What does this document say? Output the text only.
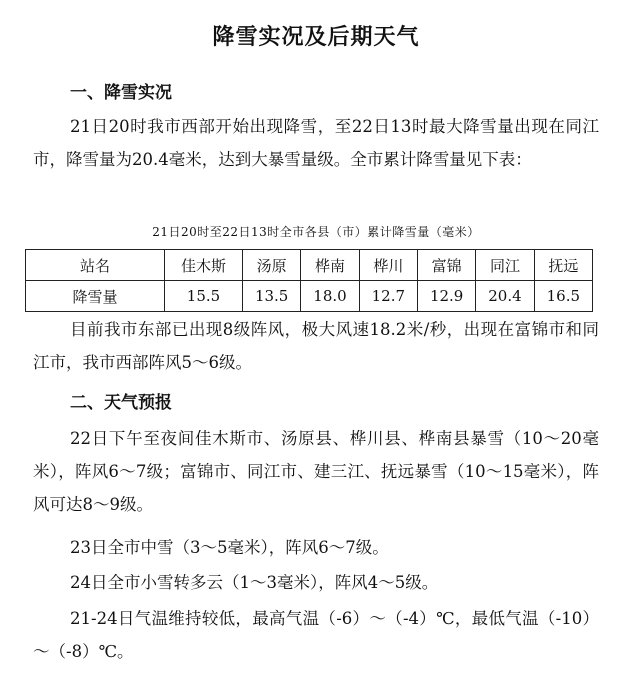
降雪实况及后期天气
一、降雪实况
21日20时我市西部开始出现降雪，至22日13时最大降雪量出现在同江市，降雪量为20.4毫米，达到大暴雪量级。全市累计降雪量见下表：
21日20时至22日13时全市各县（市）累计降雪量（毫米）
站名	佳木斯	汤原	桦南	桦川	富锦	同江	抚远
降雪量	15.5	13.5	18.0	12.7	12.9	20.4	16.5
目前我市东部已出现8级阵风，极大风速18.2米/秒，出现在富锦市和同江市，我市西部阵风5～6级。
二、天气预报
22日下午至夜间佳木斯市、汤原县、桦川县、桦南县暴雪（10～20毫米），阵风6～7级；富锦市、同江市、建三江、抚远暴雪（10～15毫米），阵风可达8～9级。
23日全市中雪（3～5毫米），阵风6～7级。
24日全市小雪转多云（1～3毫米），阵风4～5级。
21-24日气温维持较低，最高气温（-6）～（-4）℃，最低气温（-10）～（-8）℃。
